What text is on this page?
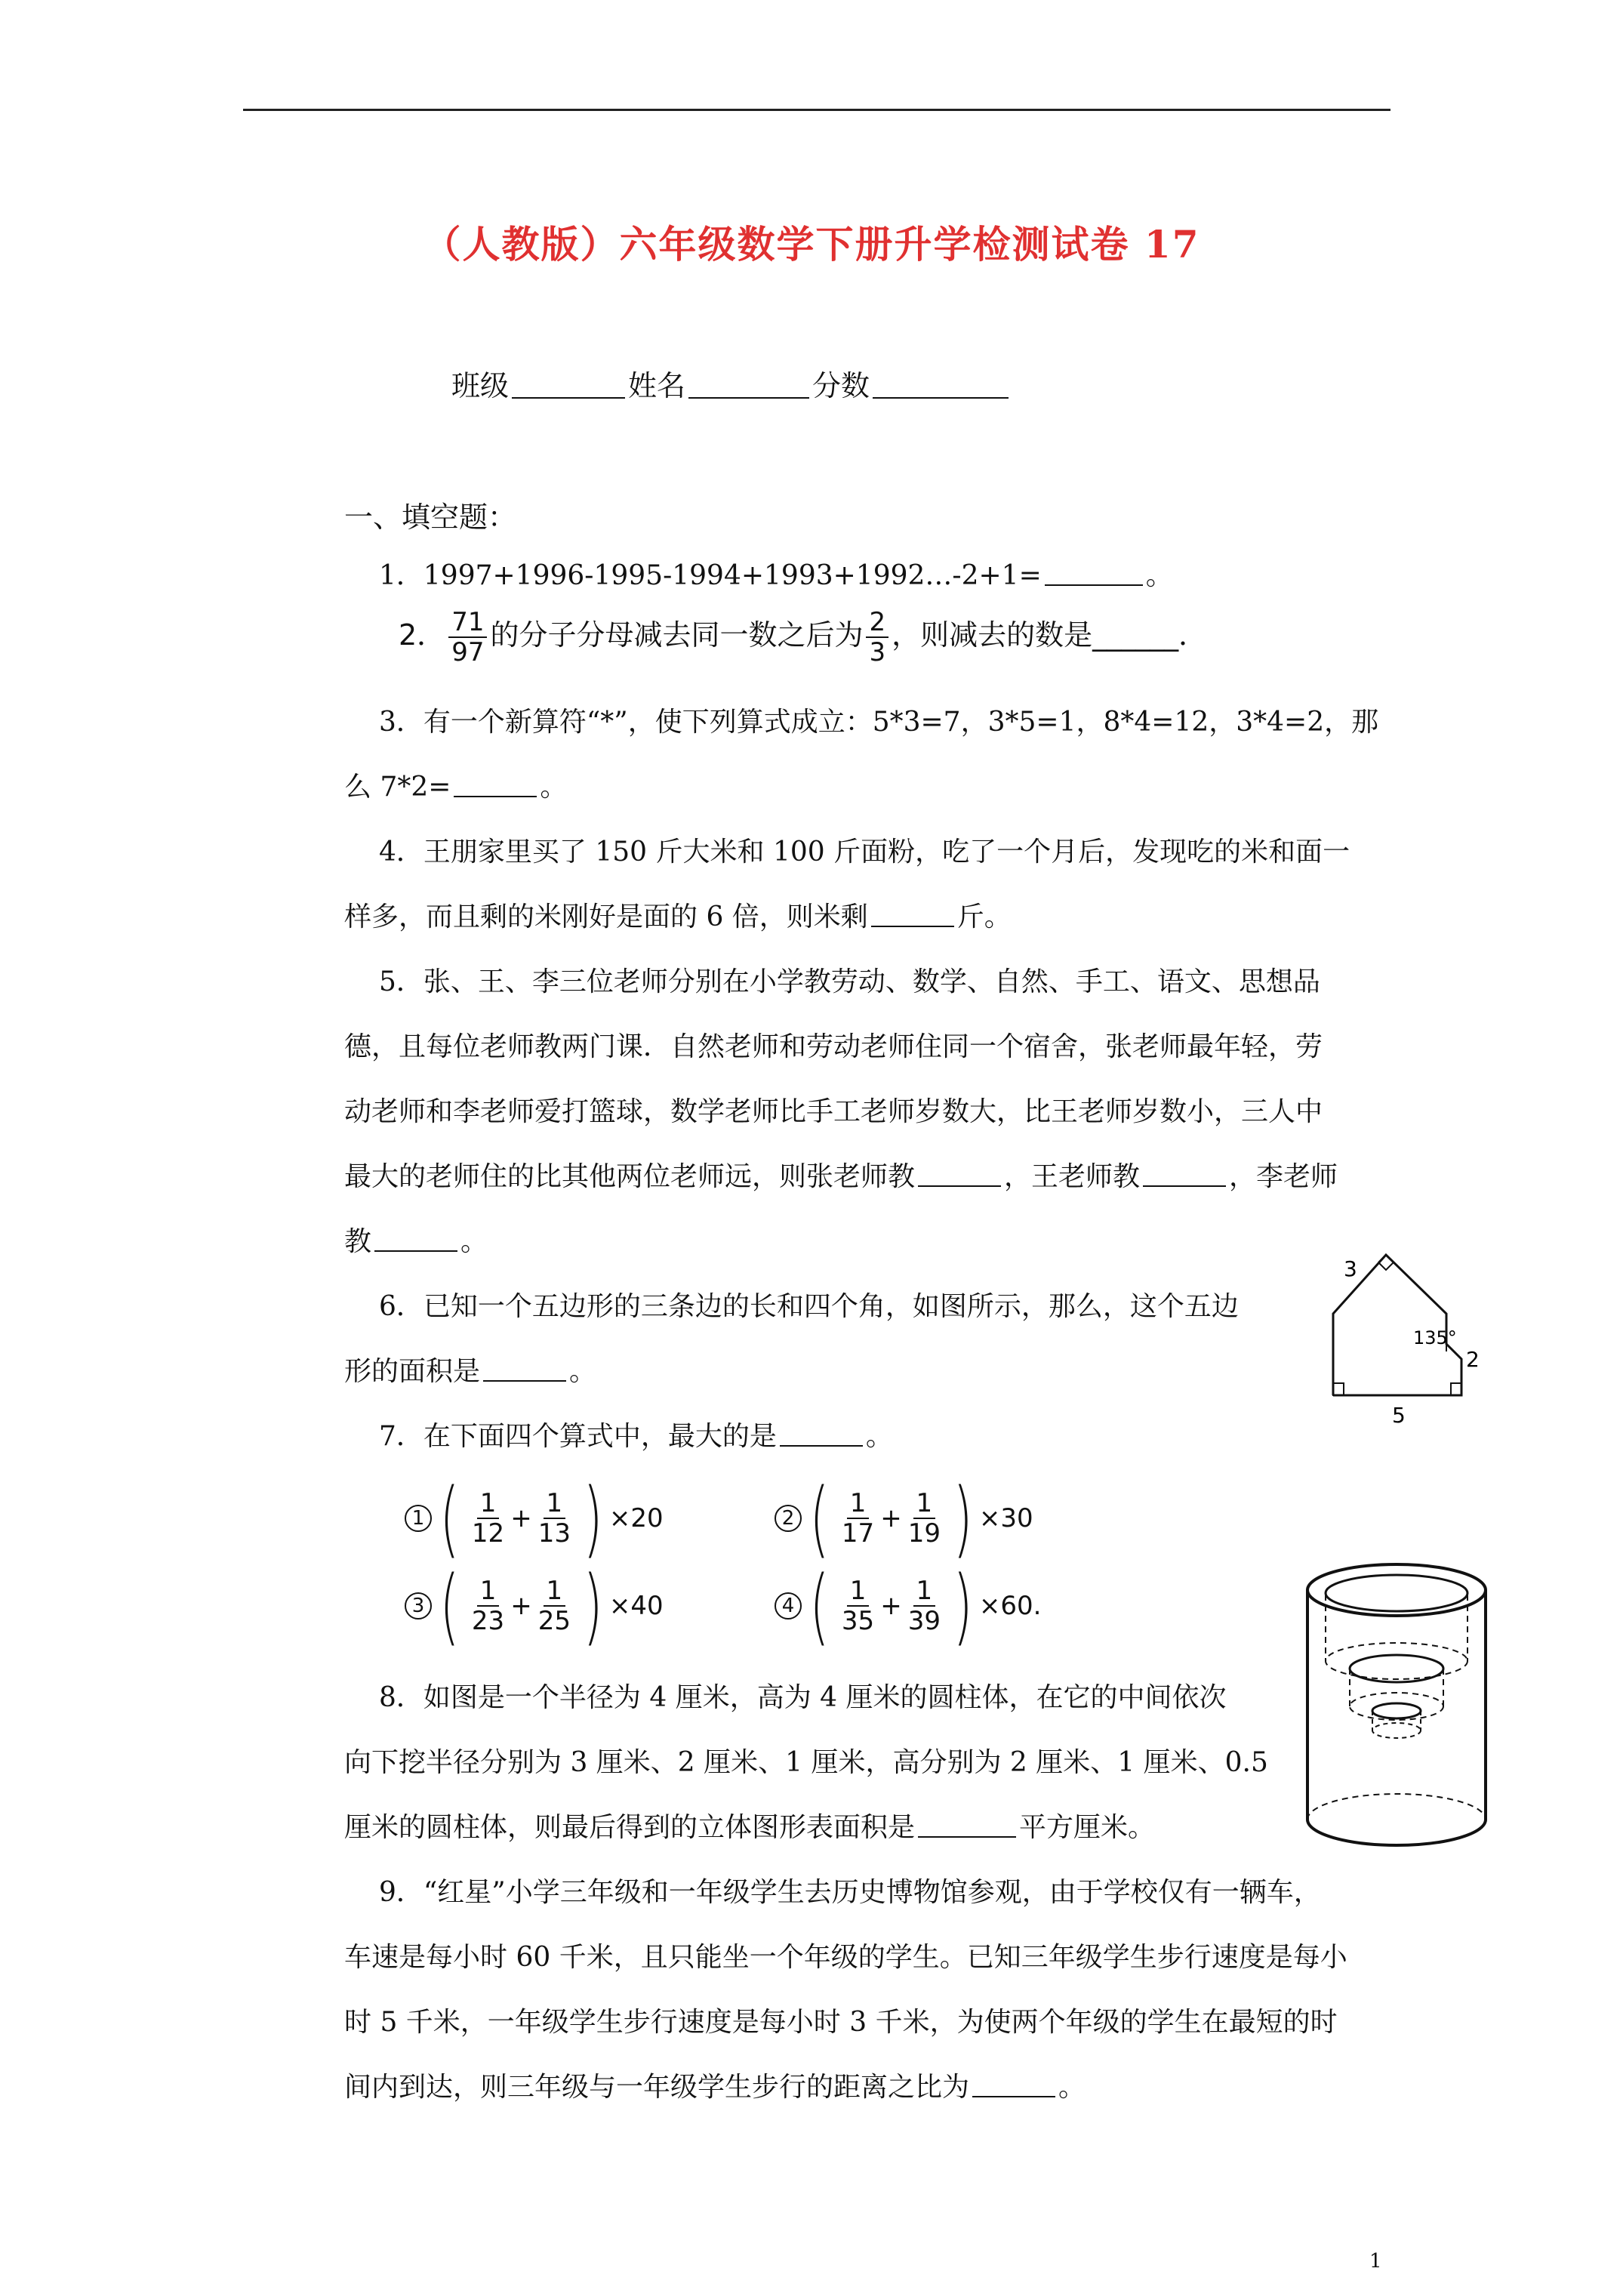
（人教版）六年级数学下册升学检测试卷 17
班级	姓名	分数
一、填空题：
1．1997+1996-1995-1994+1993+1992…-2+1=	。
2． $\frac{71}{97}$ 的分子分母减去同一数之后为 $\frac{2}{3}$ ，则减去的数是______．
3．有一个新算符“*”，使下列算式成立：5*3=7，3*5=1，8*4=12，3*4=2，那
么 7*2=	。
4．王朋家里买了 150 斤大米和 100 斤面粉，吃了一个月后，发现吃的米和面一
样多，而且剩的米刚好是面的 6 倍，则米剩	斤。
5．张、王、李三位老师分别在小学教劳动、数学、自然、手工、语文、思想品
德，且每位老师教两门课．自然老师和劳动老师住同一个宿舍，张老师最年轻，劳
动老师和李老师爱打篮球，数学老师比手工老师岁数大，比王老师岁数小，三人中
最大的老师住的比其他两位老师远，则张老师教	，王老师教	，李老师
教	。
6．已知一个五边形的三条边的长和四个角，如图所示，那么，这个五边
形的面积是	。
3
2
5
135°
7．在下面四个算式中，最大的是	。
1 ( $\frac{1}{12} + \frac{1}{13}$ ) × 20	2 ( $\frac{1}{17} + \frac{1}{19}$ ) × 30
3 ( $\frac{1}{23} + \frac{1}{25}$ ) × 40	4 ( $\frac{1}{35} + \frac{1}{39}$ ) × 60.
8．如图是一个半径为 4 厘米，高为 4 厘米的圆柱体，在它的中间依次
向下挖半径分别为 3 厘米、2 厘米、1 厘米，高分别为 2 厘米、1 厘米、0.5
厘米的圆柱体，则最后得到的立体图形表面积是	平方厘米。
9．“红星”小学三年级和一年级学生去历史博物馆参观，由于学校仅有一辆车，
车速是每小时 60 千米，且只能坐一个年级的学生。已知三年级学生步行速度是每小
时 5 千米，一年级学生步行速度是每小时 3 千米，为使两个年级的学生在最短的时
间内到达，则三年级与一年级学生步行的距离之比为	。
1
